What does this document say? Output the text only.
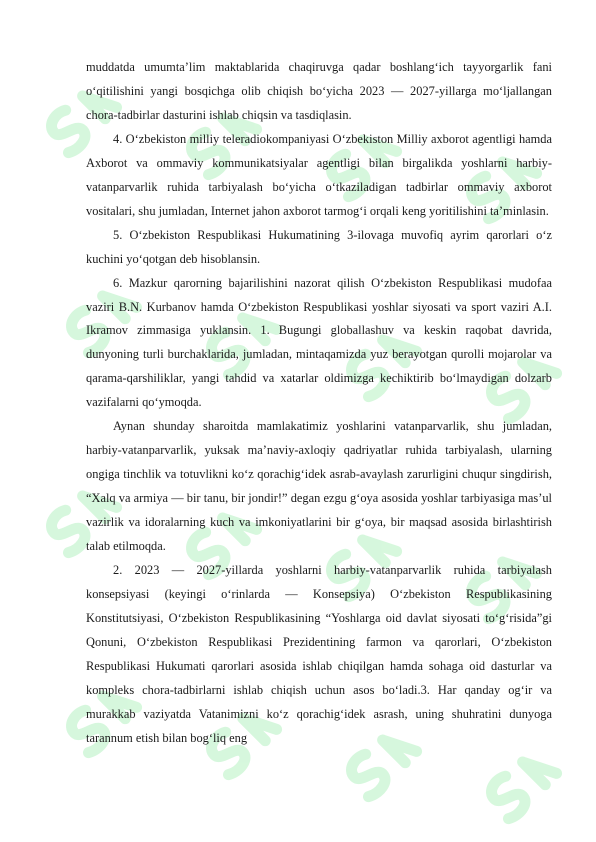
muddatda umumta’lim maktablarida chaqiruvga qadar boshlang‘ich tayyorgarlik fani o‘qitilishini yangi bosqichga olib chiqish bo‘yicha 2023 — 2027-yillarga mo‘ljallangan chora-tadbirlar dasturini ishlab chiqsin va tasdiqlasin.

4. O‘zbekiston milliy teleradiokompaniyasi O‘zbekiston Milliy axborot agentligi hamda Axborot va ommaviy kommunikatsiyalar agentligi bilan birgalikda yoshlarni harbiy-vatanparvarlik ruhida tarbiyalash bo‘yicha o‘tkaziladigan tadbirlar ommaviy axborot vositalari, shu jumladan, Internet jahon axborot tarmog‘i orqali keng yoritilishini ta’minlasin.

5. O‘zbekiston Respublikasi Hukumatining 3-ilovaga muvofiq ayrim qarorlari o‘z kuchini yo‘qotgan deb hisoblansin.

6. Mazkur qarorning bajarilishini nazorat qilish O‘zbekiston Respublikasi mudofaa vaziri B.N. Kurbanov hamda O‘zbekiston Respublikasi yoshlar siyosati va sport vaziri A.I. Ikramov zimmasiga yuklansin. 1. Bugungi globallashuv va keskin raqobat davrida, dunyoning turli burchaklarida, jumladan, mintaqamizda yuz berayotgan qurolli mojarolar va qarama-qarshiliklar, yangi tahdid va xatarlar oldimizga kechiktirib bo‘lmaydigan dolzarb vazifalarni qo‘ymoqda.

Aynan shunday sharoitda mamlakatimiz yoshlarini vatanparvarlik, shu jumladan, harbiy-vatanparvarlik, yuksak ma’naviy-axloqiy qadriyatlar ruhida tarbiyalash, ularning ongiga tinchlik va totuvlikni ko‘z qorachig‘idek asrab-avaylash zarurligini chuqur singdirish, “Xalq va armiya — bir tanu, bir jondir!” degan ezgu g‘oya asosida yoshlar tarbiyasiga mas’ul vazirlik va idoralarning kuch va imkoniyatlarini bir g‘oya, bir maqsad asosida birlashtirish talab etilmoqda.

2. 2023 — 2027-yillarda yoshlarni harbiy-vatanparvarlik ruhida tarbiyalash konsepsiyasi (keyingi o‘rinlarda — Konsepsiya) O‘zbekiston Respublikasining Konstitutsiyasi, O‘zbekiston Respublikasining “Yoshlarga oid davlat siyosati to‘g‘risida”gi Qonuni, O‘zbekiston Respublikasi Prezidentining farmon va qarorlari, O‘zbekiston Respublikasi Hukumati qarorlari asosida ishlab chiqilgan hamda sohaga oid dasturlar va kompleks chora-tadbirlarni ishlab chiqish uchun asos bo‘ladi.3. Har qanday og‘ir va murakkab vaziyatda Vatanimizni ko‘z qorachig‘idek asrash, uning shuhratini dunyoga tarannum etish bilan bog‘liq eng
